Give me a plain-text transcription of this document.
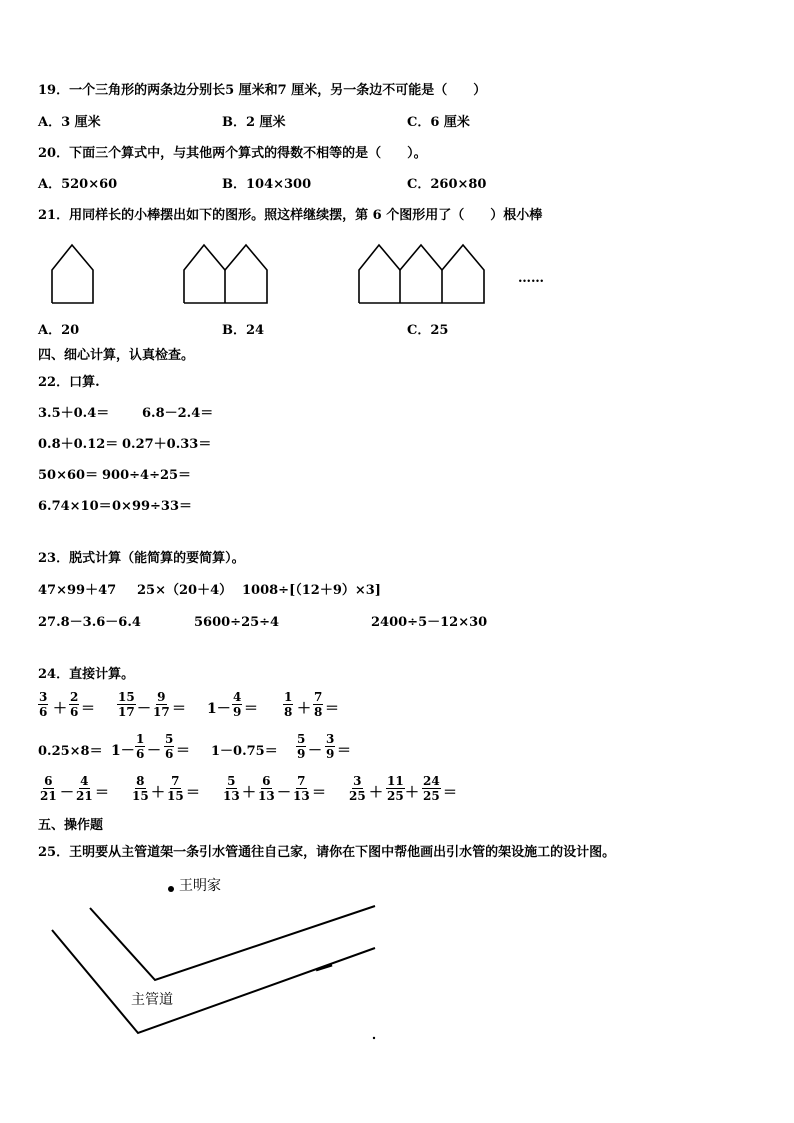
19．一个三角形的两条边分别长5 厘米和7 厘米，另一条边不可能是（　　）
A．3 厘米	B．2 厘米	C．6 厘米
20．下面三个算式中，与其他两个算式的得数不相等的是（　　）。
A．520×60	B．104×300	C．260×80
21．用同样长的小棒摆出如下的图形。照这样继续摆，第 6 个图形用了（　　）根小棒
……
A．20	B．24	C．25
四、细心计算，认真检查。
22．口算.
3.5＋0.4＝	6.8－2.4＝
0.8＋0.12＝ 0.27＋0.33＝
50×60＝ 900÷4÷25＝
6.74×10＝ 0×99÷33＝
23．脱式计算（能简算的要简算）。
47×99＋47 25×（20＋4） 1008÷[（12＋9）×3]
27.8－3.6－6.4	5600÷25÷4	2400÷5－12×30
24．直接计算。
$\frac{3}{6} + \frac{2}{6} = \frac{15}{17} - \frac{9}{17} = 1- \frac{4}{9} = \frac{1}{8} + \frac{7}{8}$ ＝
$0.25\times 8= 1- \frac{1}{6} - \frac{5}{6} = 1-0.75= \frac{5}{9} - \frac{3}{9}$ ＝
$\frac{6}{21} - \frac{4}{21} = \frac{8}{15} + \frac{7}{15} = \frac{5}{13} + \frac{6}{13} - \frac{7}{13} = \frac{3}{25} + \frac{11}{25} + \frac{24}{25}$ ＝
五、操作题
25．王明要从主管道架一条引水管通往自己家，请你在下图中帮他画出引水管的架设施工的设计图。
王明家
主管道
